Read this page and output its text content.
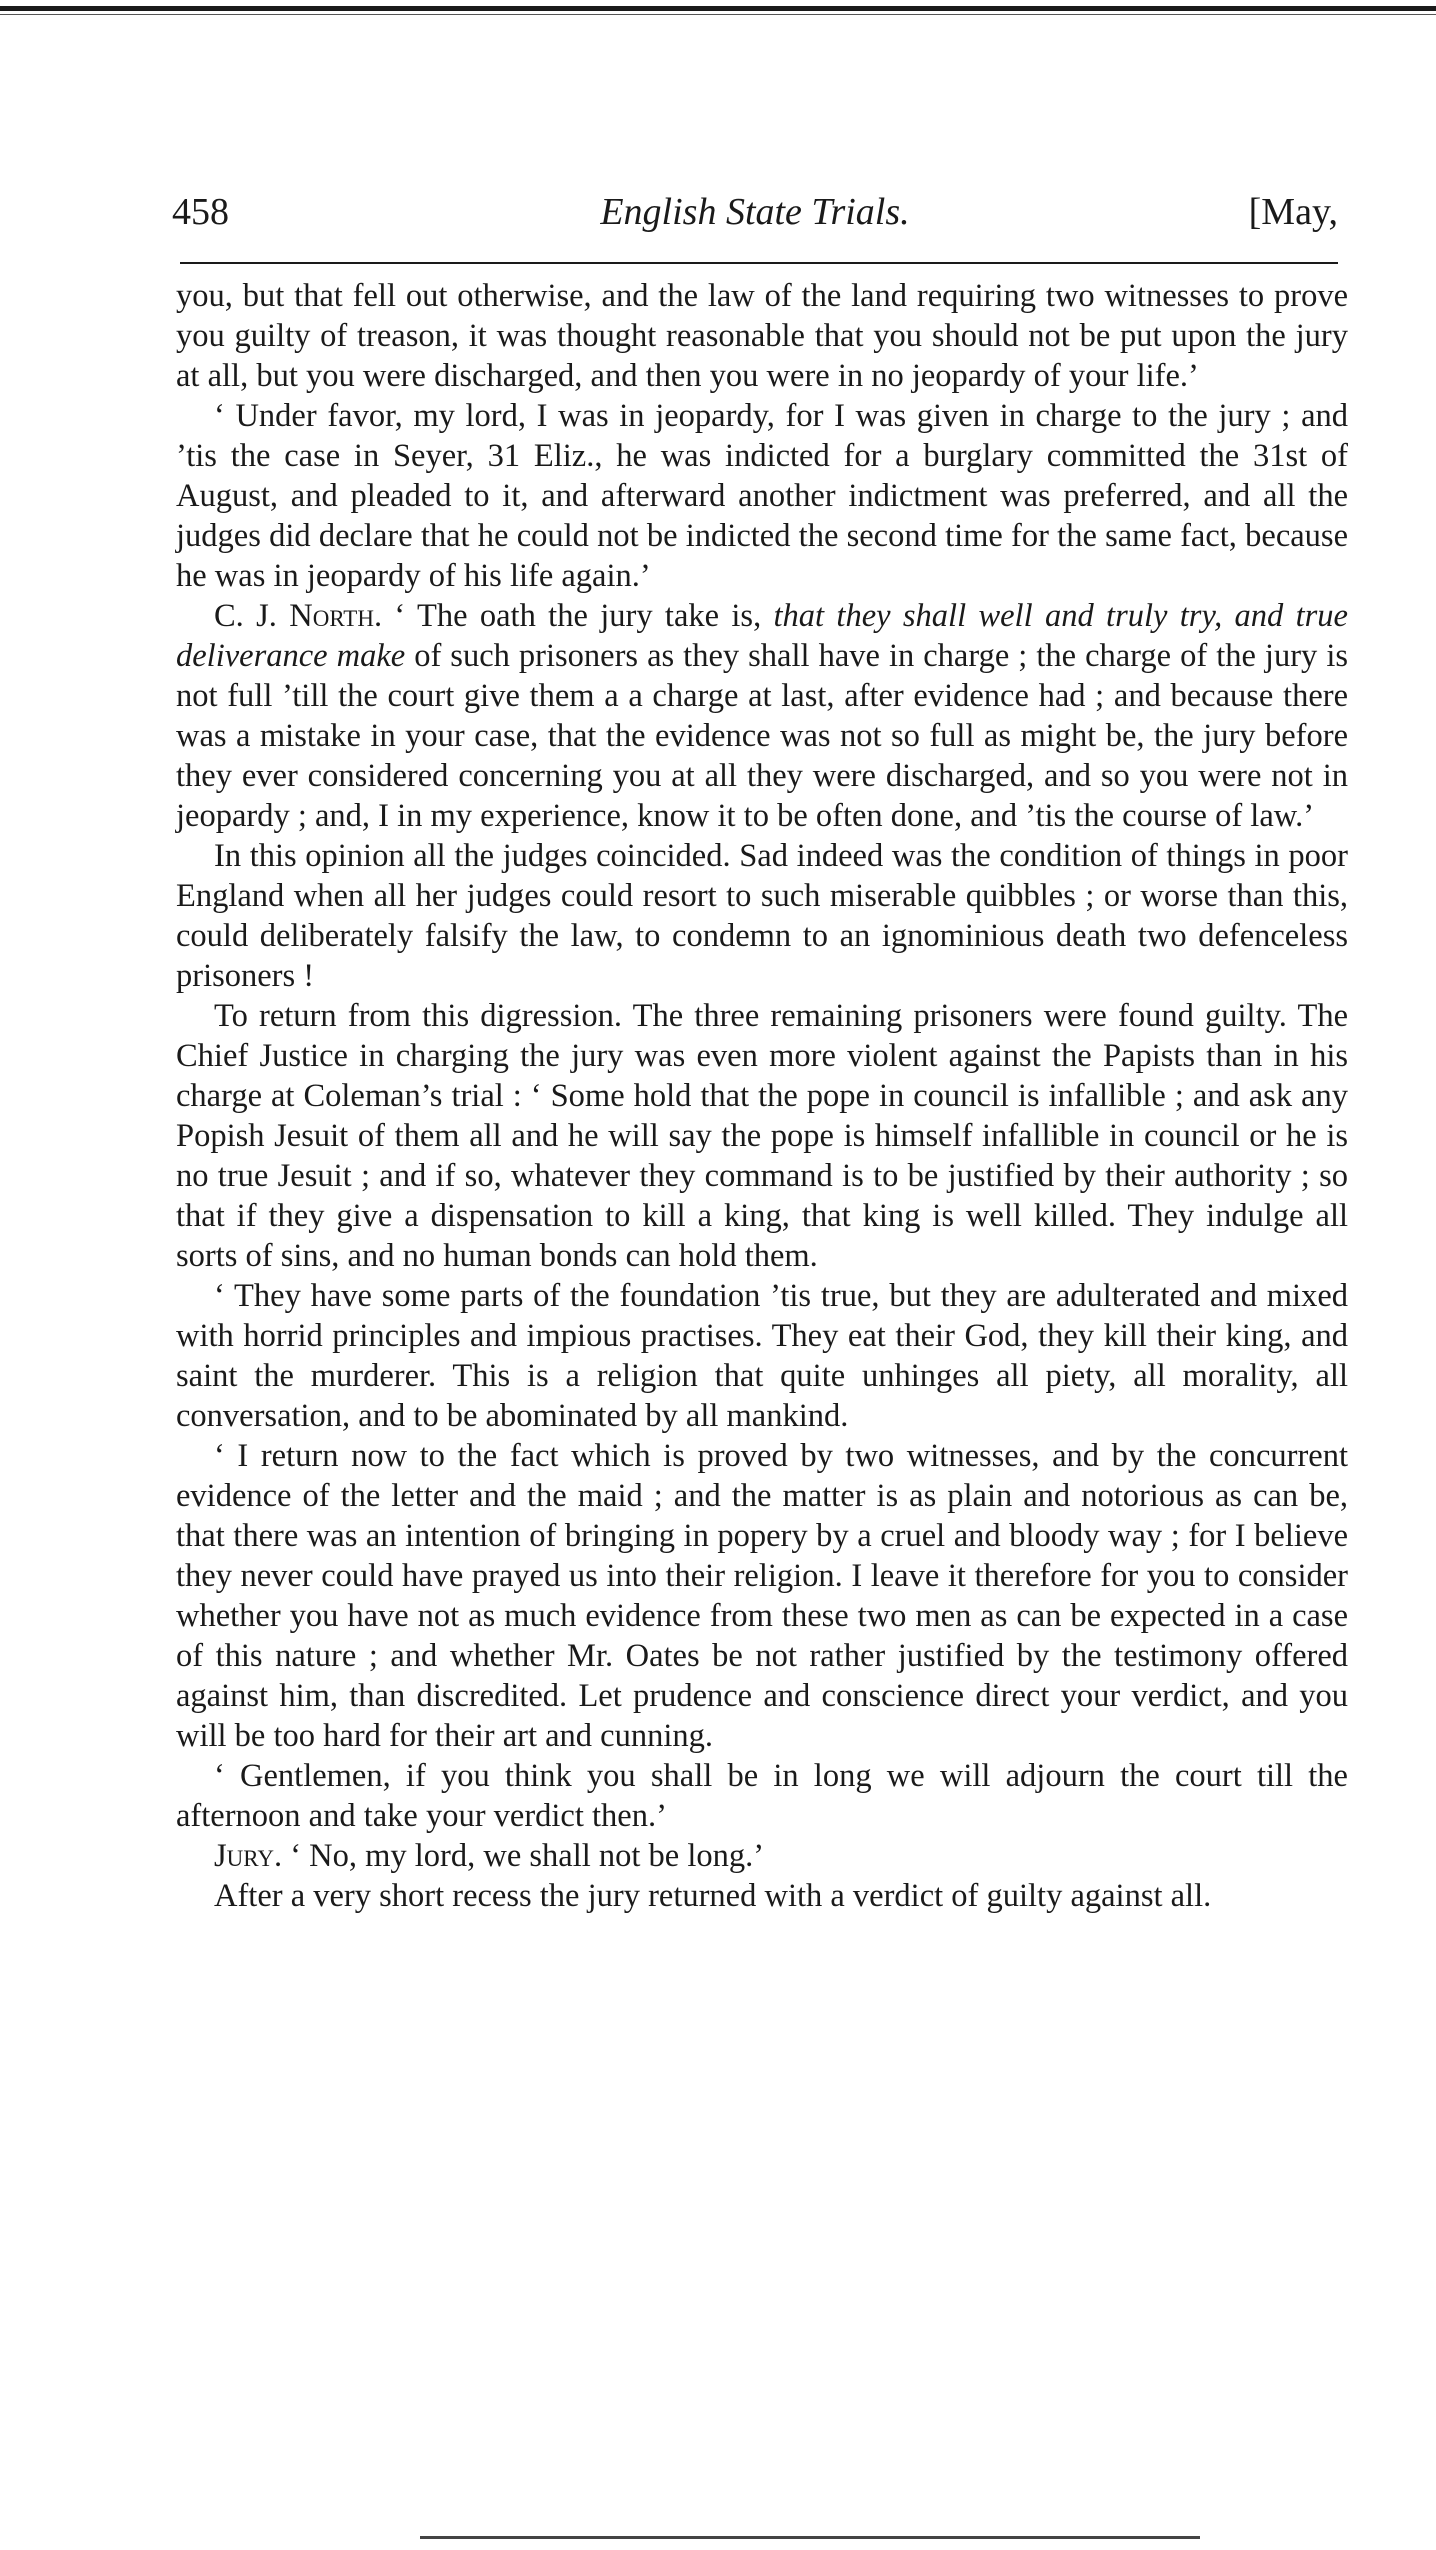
458	English State Trials.	[May,

you, but that fell out otherwise, and the law of the land requiring two witnesses to prove you guilty of treason, it was thought reasonable that you should not be put upon the jury at all, but you were discharged, and then you were in no jeopardy of your life.’

‘ Under favor, my lord, I was in jeopardy, for I was given in charge to the jury ; and ’tis the case in Seyer, 31 Eliz., he was indicted for a burglary committed the 31st of August, and pleaded to it, and afterward another indictment was preferred, and all the judges did declare that he could not be indicted the second time for the same fact, because he was in jeopardy of his life again.’

C. J. North. ‘ The oath the jury take is, that they shall well and truly try, and true deliverance make of such prisoners as they shall have in charge ; the charge of the jury is not full ’till the court give them a a charge at last, after evidence had ; and because there was a mistake in your case, that the evidence was not so full as might be, the jury before they ever considered concerning you at all they were discharged, and so you were not in jeopardy ; and, I in my experience, know it to be often done, and ’tis the course of law.’

In this opinion all the judges coincided. Sad indeed was the condition of things in poor England when all her judges could resort to such miserable quibbles ; or worse than this, could deliberately falsify the law, to condemn to an ignominious death two defenceless prisoners !

To return from this digression. The three remaining prisoners were found guilty. The Chief Justice in charging the jury was even more violent against the Papists than in his charge at Coleman’s trial : ‘ Some hold that the pope in council is infallible ; and ask any Popish Jesuit of them all and he will say the pope is himself infallible in council or he is no true Jesuit ; and if so, whatever they command is to be justified by their authority ; so that if they give a dispensation to kill a king, that king is well killed. They indulge all sorts of sins, and no human bonds can hold them.

‘ They have some parts of the foundation ’tis true, but they are adulterated and mixed with horrid principles and impious practises. They eat their God, they kill their king, and saint the murderer. This is a religion that quite unhinges all piety, all morality, all conversation, and to be abominated by all mankind.

‘ I return now to the fact which is proved by two witnesses, and by the concurrent evidence of the letter and the maid ; and the matter is as plain and notorious as can be, that there was an intention of bringing in popery by a cruel and bloody way ; for I believe they never could have prayed us into their religion. I leave it therefore for you to consider whether you have not as much evidence from these two men as can be expected in a case of this nature ; and whether Mr. Oates be not rather justified by the testimony offered against him, than discredited. Let prudence and conscience direct your verdict, and you will be too hard for their art and cunning.

‘ Gentlemen, if you think you shall be in long we will adjourn the court till the afternoon and take your verdict then.’

Jury. ‘ No, my lord, we shall not be long.’

After a very short recess the jury returned with a verdict of guilty against all.
